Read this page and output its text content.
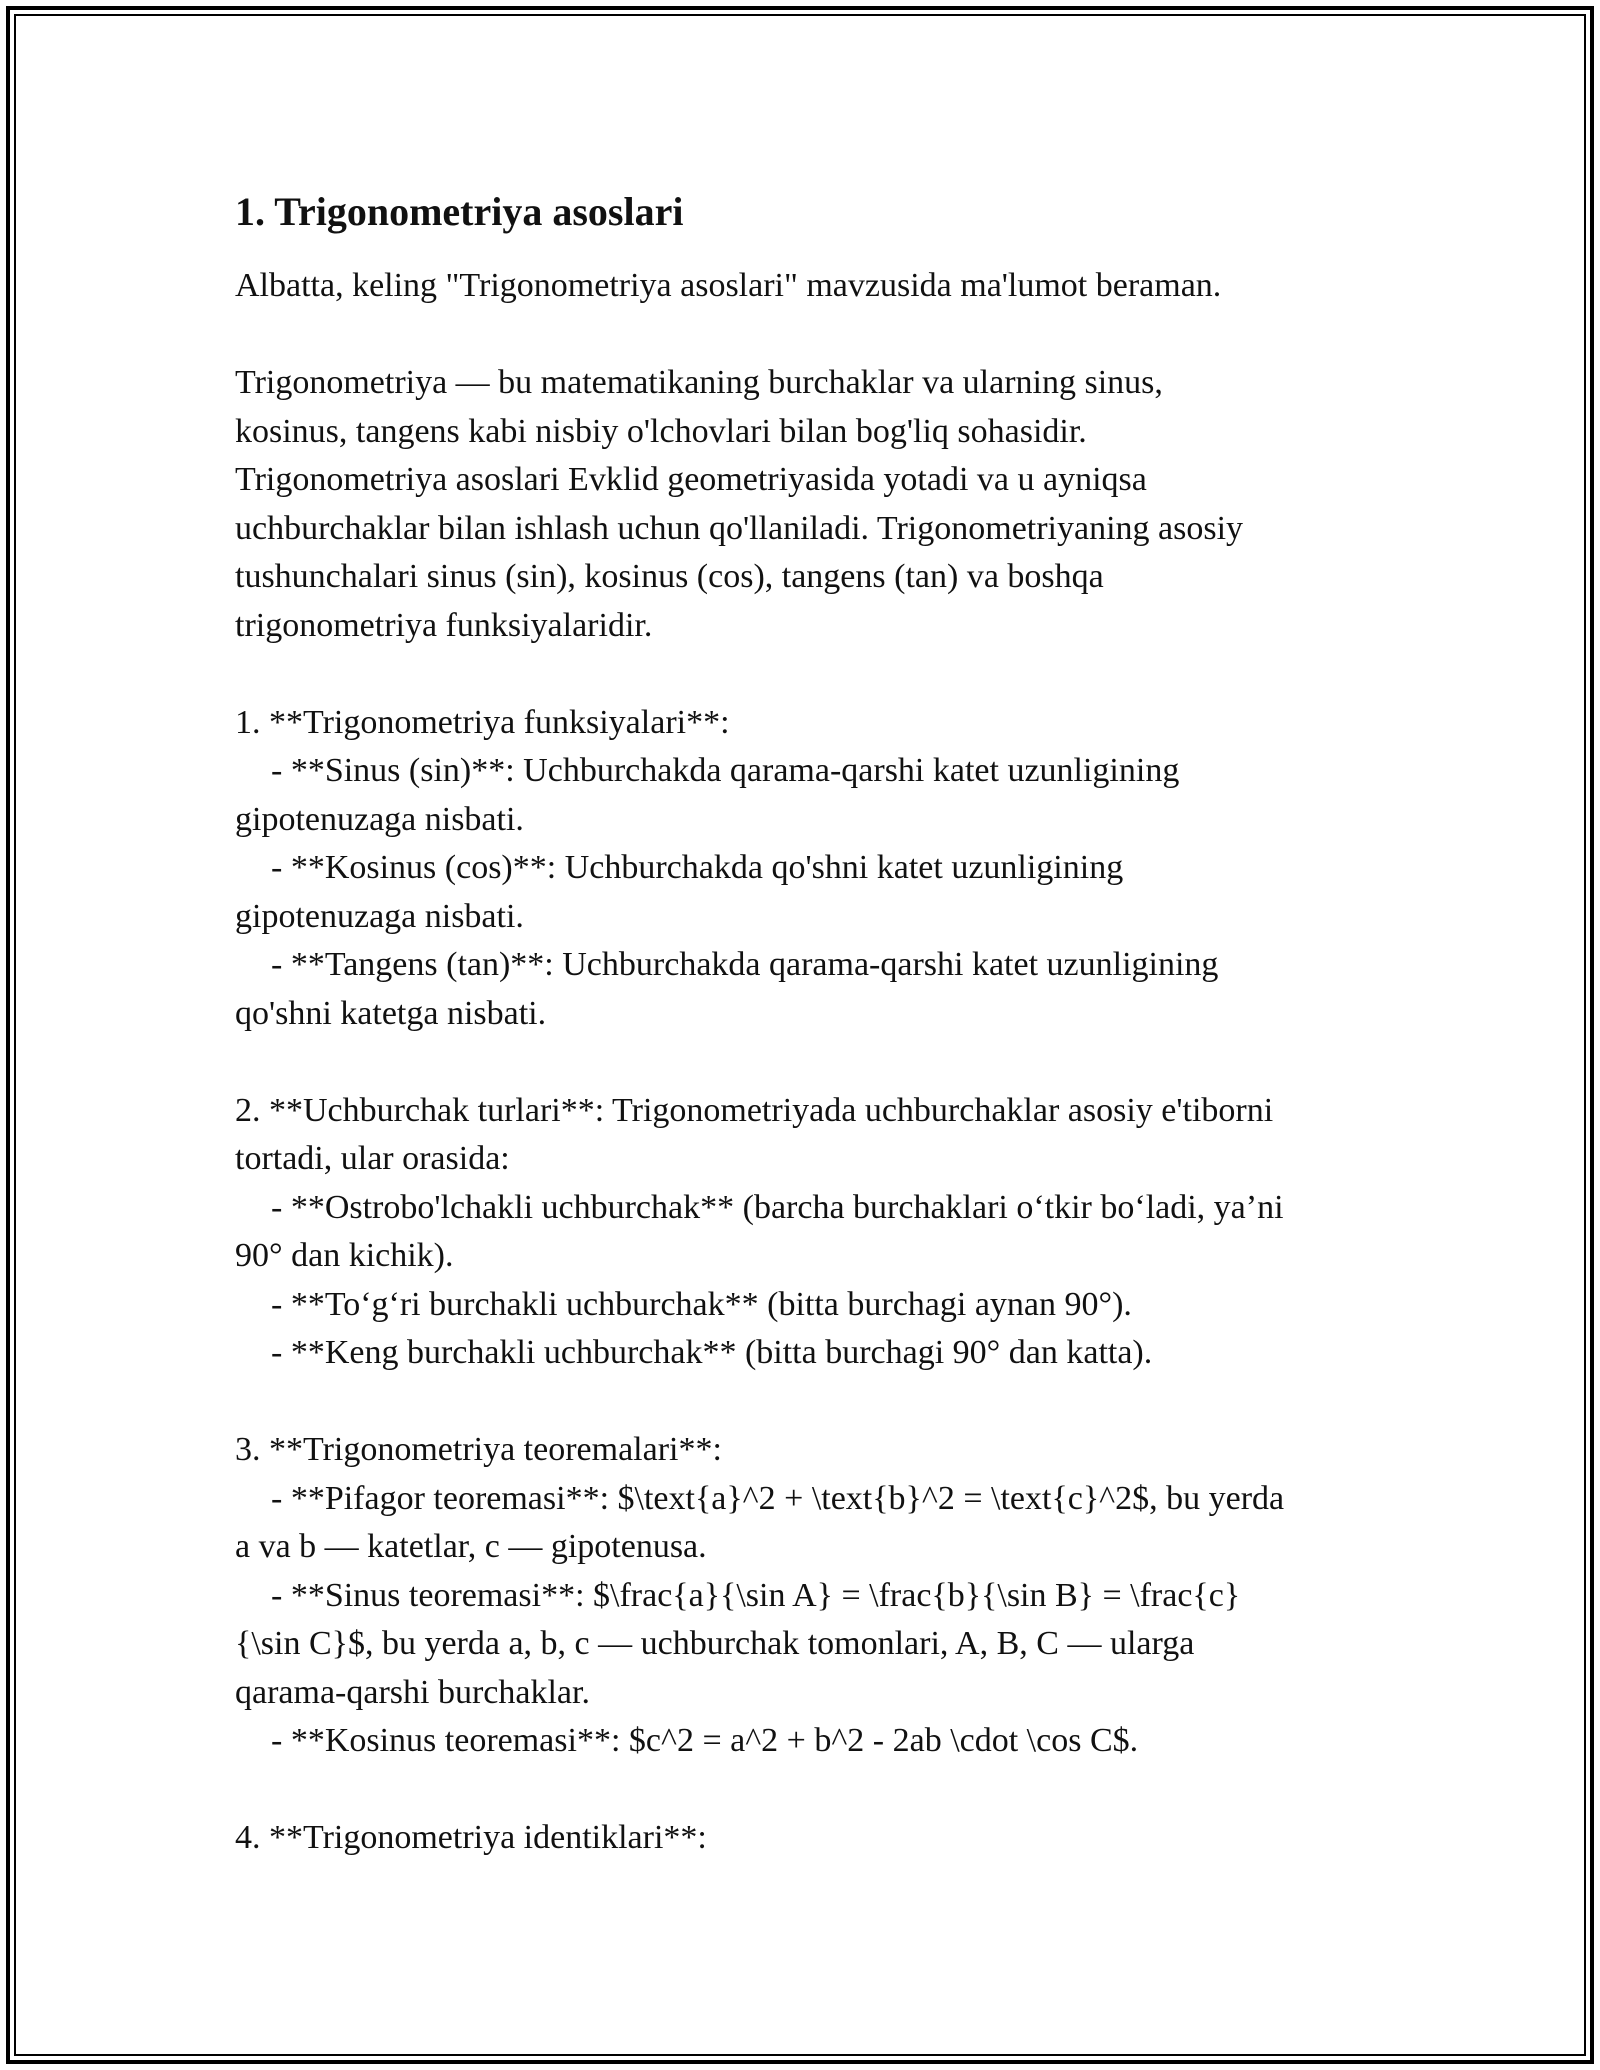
1. Trigonometriya asoslari
Albatta, keling "Trigonometriya asoslari" mavzusida ma'lumot beraman.
Trigonometriya — bu matematikaning burchaklar va ularning sinus,
kosinus, tangens kabi nisbiy o'lchovlari bilan bog'liq sohasidir.
Trigonometriya asoslari Evklid geometriyasida yotadi va u ayniqsa
uchburchaklar bilan ishlash uchun qo'llaniladi. Trigonometriyaning asosiy
tushunchalari sinus (sin), kosinus (cos), tangens (tan) va boshqa
trigonometriya funksiyalaridir.
1. **Trigonometriya funksiyalari**:
- **Sinus (sin)**: Uchburchakda qarama-qarshi katet uzunligining
gipotenuzaga nisbati.
- **Kosinus (cos)**: Uchburchakda qo'shni katet uzunligining
gipotenuzaga nisbati.
- **Tangens (tan)**: Uchburchakda qarama-qarshi katet uzunligining
qo'shni katetga nisbati.
2. **Uchburchak turlari**: Trigonometriyada uchburchaklar asosiy e'tiborni
tortadi, ular orasida:
- **Ostrobo'lchakli uchburchak** (barcha burchaklari o‘tkir bo‘ladi, ya’ni
90° dan kichik).
- **To‘g‘ri burchakli uchburchak** (bitta burchagi aynan 90°).
- **Keng burchakli uchburchak** (bitta burchagi 90° dan katta).
3. **Trigonometriya teoremalari**:
- **Pifagor teoremasi**: $\text{a}^2 + \text{b}^2 = \text{c}^2$, bu yerda
a va b — katetlar, c — gipotenusa.
- **Sinus teoremasi**: $\frac{a}{\sin A} = \frac{b}{\sin B} = \frac{c}
{\sin C}$, bu yerda a, b, c — uchburchak tomonlari, A, B, C — ularga
qarama-qarshi burchaklar.
- **Kosinus teoremasi**: $c^2 = a^2 + b^2 - 2ab \cdot \cos C$.
4. **Trigonometriya identiklari**:
